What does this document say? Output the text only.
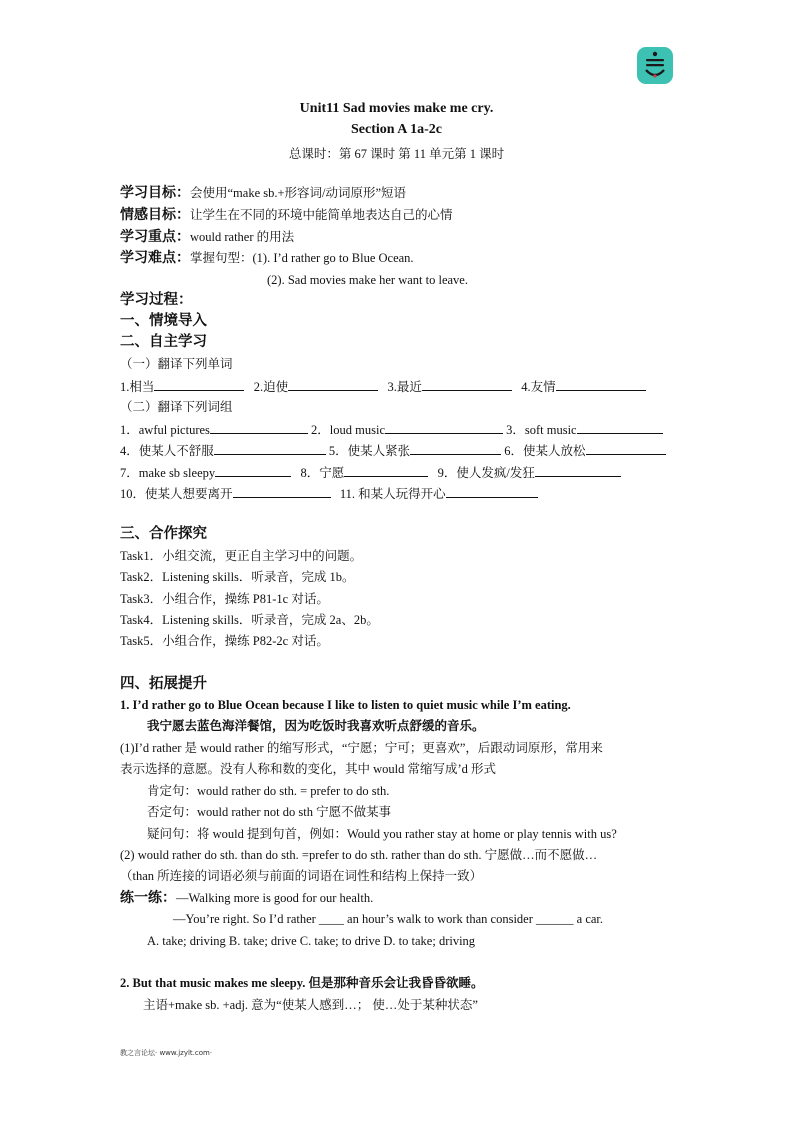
Unit11 Sad movies make me cry.
Section A 1a-2c
总课时：第 67 课时 第 11 单元第 1 课时
学习目标：会使用“make sb.+形容词/动词原形”短语
情感目标：让学生在不同的环境中能简单地表达自己的心情
学习重点：would rather 的用法
学习难点：掌握句型：(1). I’d rather go to Blue Ocean.
(2). Sad movies make her want to leave.
学习过程：
一、情境导入
二、自主学习
（一）翻译下列单词
1.相当	2.迫使	3.最近	4.友情
（二）翻译下列词组
1．awful pictures	2．loud music	3．soft music
4．使某人不舒服	5．使某人紧张	6．使某人放松
7．make sb sleepy	8．宁愿	9．使人发疯/发狂
10．使某人想要离开	11. 和某人玩得开心
三、合作探究
Task1．小组交流，更正自主学习中的问题。
Task2．Listening skills．听录音，完成 1b。
Task3．小组合作，操练 P81-1c 对话。
Task4．Listening skills．听录音，完成 2a、2b。
Task5．小组合作，操练 P82-2c 对话。
四、拓展提升
1. I’d rather go to Blue Ocean because I like to listen to quiet music while I’m eating.
我宁愿去蓝色海洋餐馆，因为吃饭时我喜欢听点舒缓的音乐。
(1)I’d rather 是 would rather 的缩写形式，“宁愿；宁可；更喜欢”，后跟动词原形，常用来
表示选择的意愿。没有人称和数的变化，其中 would 常缩写成’d 形式
肯定句：would rather do sth. = prefer to do sth.
否定句：would rather not do sth 宁愿不做某事
疑问句：将 would 提到句首，例如：Would you rather stay at home or play tennis with us?
(2) would rather do sth. than do sth. =prefer to do sth. rather than do sth. 宁愿做…而不愿做…
（than 所连接的词语必须与前面的词语在词性和结构上保持一致）
练一练：—Walking more is good for our health.
—You’re right. So I’d rather ____ an hour’s walk to work than consider ______ a car.
A. take; driving B. take; drive C. take; to drive D. to take; driving
2. But that music makes me sleepy. 但是那种音乐会让我昏昏欲睡。
主语+make sb. +adj. 意为“使某人感到…； 使…处于某种状态”
教之言论坛· www.jzylt.com·
